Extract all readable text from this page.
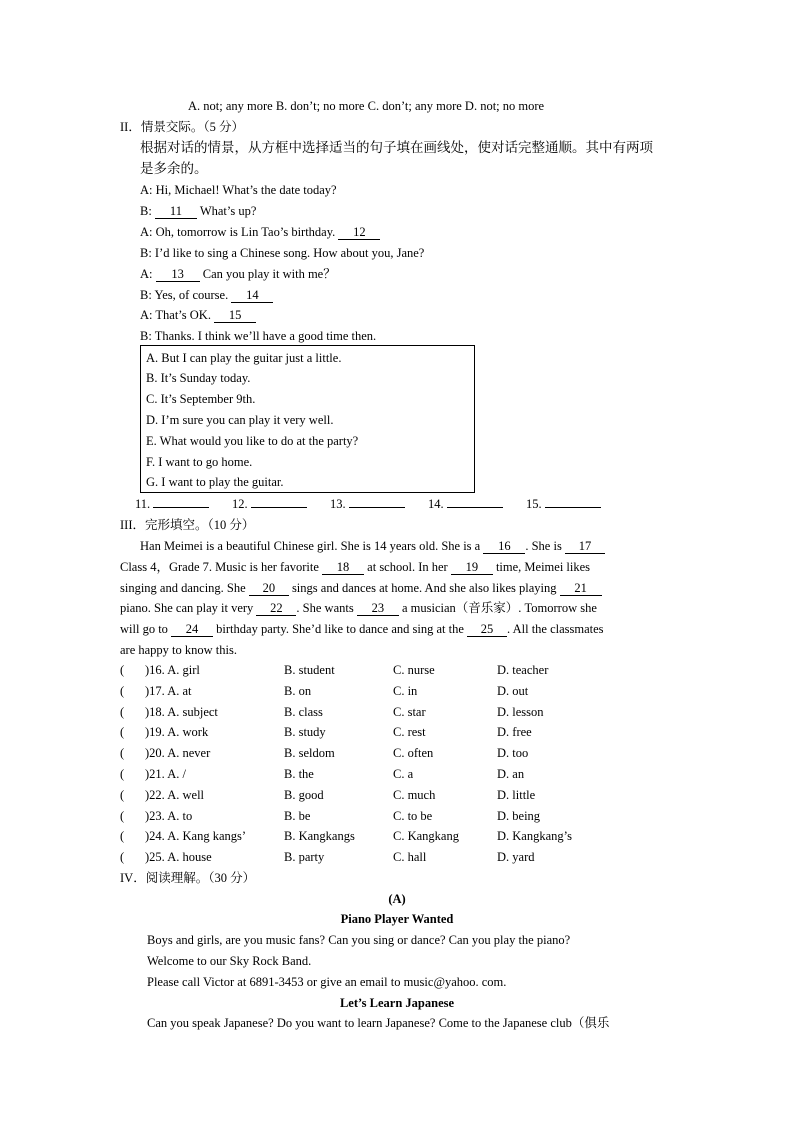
A. not; any more B. don’t; no more C. don’t; any more D. not; no more
II．情景交际。（5 分）
根据对话的情景，从方框中选择适当的句子填在画线处，使对话完整通顺。其中有两项
是多余的。
A: Hi, Michael! What’s the date today?
B: 11 What’s up?
A: Oh, tomorrow is Lin Tao’s birthday. 12
B: I’d like to sing a Chinese song. How about you, Jane?
A: 13 Can you play it with me？
B: Yes, of course. 14
A: That’s OK. 15
B: Thanks. I think we’ll have a good time then.
A. But I can play the guitar just a little.
B. It’s Sunday today.
C. It’s September 9th.
D. I’m sure you can play it very well.
E. What would you like to do at the party?
F. I want to go home.
G. I want to play the guitar.
11.	12.	13.	14.	15.
III．完形填空。（10 分）
Han Meimei is a beautiful Chinese girl. She is 14 years old. She is a 16 . She is 17
Class 4，Grade 7. Music is her favorite 18 at school. In her 19 time, Meimei likes
singing and dancing. She 20 sings and dances at home. And she also likes playing 21
piano. She can play it very 22 . She wants 23 a musician（音乐家）. Tomorrow she
will go to 24 birthday party. She’d like to dance and sing at the 25 . All the classmates
are happy to know this.
( )16. A. girl	B. student	C. nurse	D. teacher
( )17. A. at	B. on	C. in	D. out
( )18. A. subject	B. class	C. star	D. lesson
( )19. A. work	B. study	C. rest	D. free
( )20. A. never	B. seldom	C. often	D. too
( )21. A. /	B. the	C. a	D. an
( )22. A. well	B. good	C. much	D. little
( )23. A. to	B. be	C. to be	D. being
( )24. A. Kang kangs’	B. Kangkangs	C. Kangkang	D. Kangkang’s
( )25. A. house	B. party	C. hall	D. yard
IV．阅读理解。（30 分）
(A)
Piano Player Wanted
Boys and girls, are you music fans? Can you sing or dance? Can you play the piano?
Welcome to our Sky Rock Band.
Please call Victor at 6891-3453 or give an email to music@yahoo. com.
Let’s Learn Japanese
Can you speak Japanese? Do you want to learn Japanese? Come to the Japanese club（俱乐
